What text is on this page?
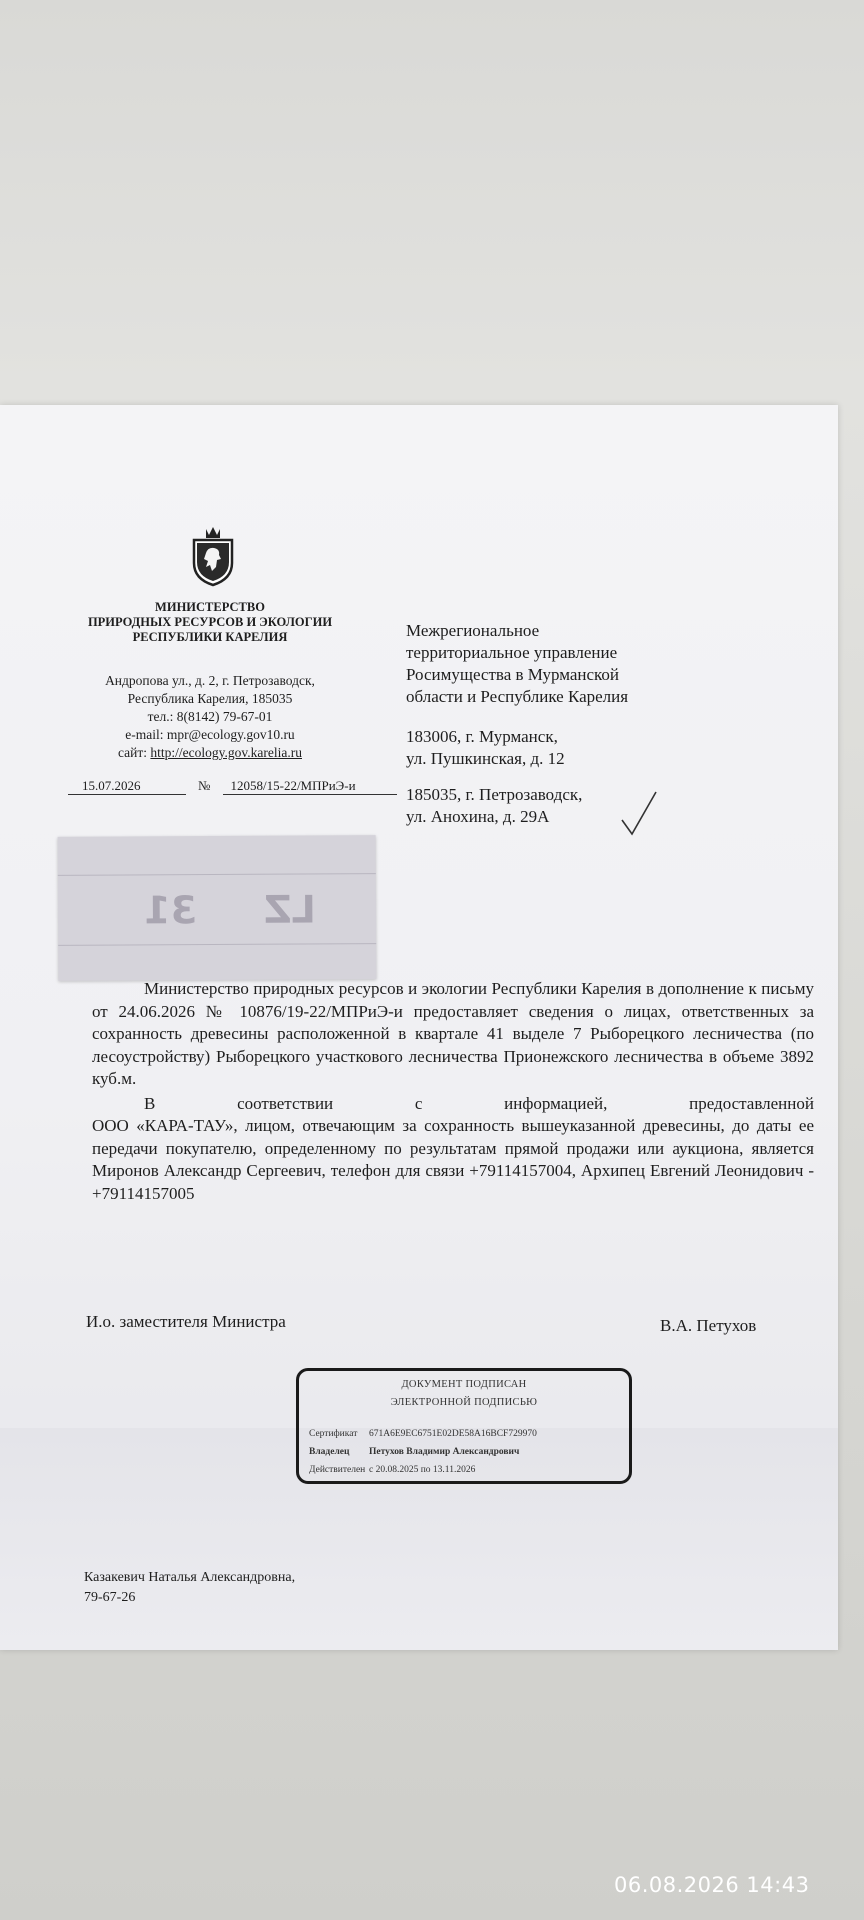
МИНИСТЕРСТВО
ПРИРОДНЫХ РЕСУРСОВ И ЭКОЛОГИИ
РЕСПУБЛИКИ КАРЕЛИЯ
Андропова ул., д. 2, г. Петрозаводск,
Республика Карелия, 185035
тел.: 8(8142) 79-67-01
e-mail: mpr@ecology.gov10.ru
сайт: http://ecology.gov.karelia.ru
15.07.2026	№ 12058/15-22/МПРиЭ-и
Межрегиональное
территориальное управление
Росимущества в Мурманской
области и Республике Карелия
183006, г. Мурманск,
ул. Пушкинская, д. 12
185035, г. Петрозаводск,
ул. Анохина, д. 29А
LZ
31

Министерство природных ресурсов и экологии Республики Карелия в дополнение к письму от 24.06.2026 № 10876/19-22/МПРиЭ-и предоставляет сведения о лицах, ответственных за сохранность древесины расположенной в квартале 41 выделе 7 Рыборецкого лесничества (по лесоустройству) Рыборецкого участкового лесничества Прионежского лесничества в объеме 3892 куб.м.

В	соответствии	с	информацией,	предоставленной
ООО «КАРА-ТАУ», лицом, отвечающим за сохранность вышеуказанной древесины, до даты ее передачи покупателю, определенному по результатам прямой продажи или аукциона, является Миронов Александр Сергеевич, телефон для связи +79114157004, Архипец Евгений Леонидович - +79114157005
И.о. заместителя Министра	В.А. Петухов
ДОКУМЕНТ ПОДПИСАН
ЭЛЕКТРОННОЙ ПОДПИСЬЮ
Сертификат 671A6E9EC6751E02DE58A16BCF729970
Владелец Петухов Владимир Александрович
Действителен с 20.08.2025 по 13.11.2026
Казакевич Наталья Александровна,
79-67-26
06.08.2026 14:43
